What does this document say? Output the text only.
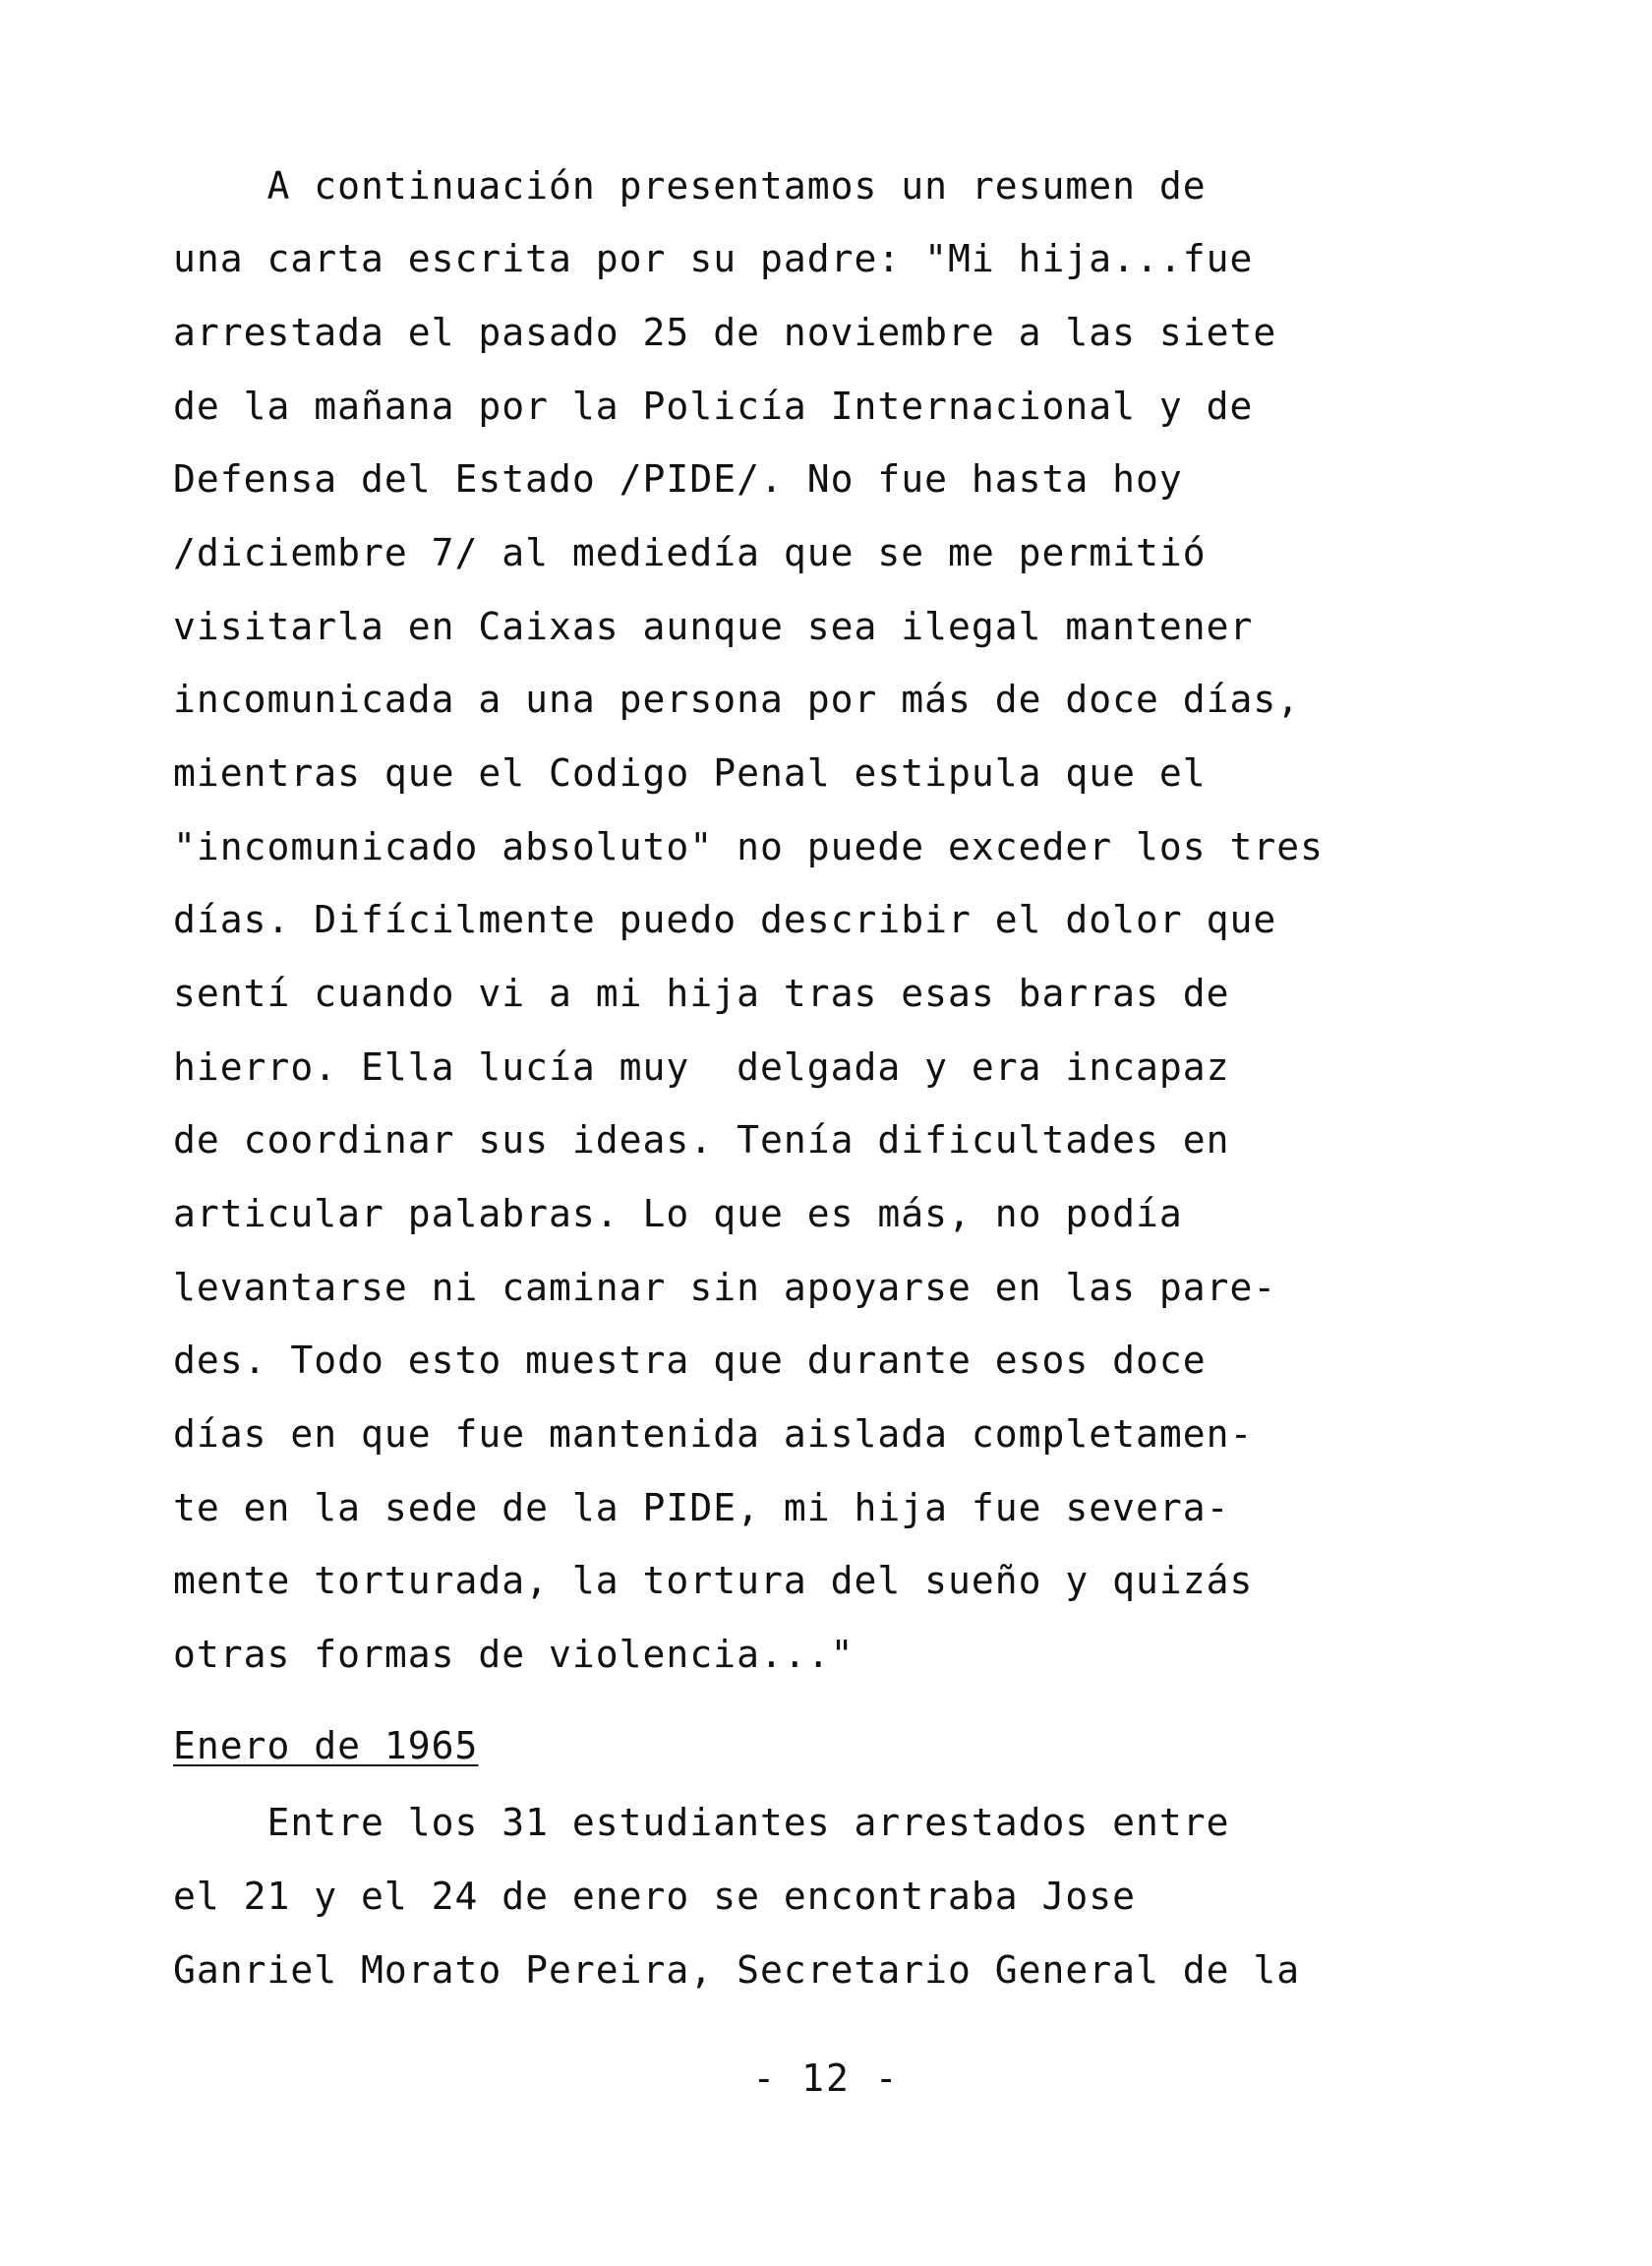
A continuación presentamos un resumen de
una carta escrita por su padre: "Mi hija...fue
arrestada el pasado 25 de noviembre a las siete
de la mañana por la Policía Internacional y de
Defensa del Estado /PIDE/. No fue hasta hoy
/diciembre 7/ al mediedía que se me permitió
visitarla en Caixas aunque sea ilegal mantener
incomunicada a una persona por más de doce días,
mientras que el Codigo Penal estipula que el
"incomunicado absoluto" no puede exceder los tres
días. Difícilmente puedo describir el dolor que
sentí cuando vi a mi hija tras esas barras de
hierro. Ella lucía muy  delgada y era incapaz
de coordinar sus ideas. Tenía dificultades en
articular palabras. Lo que es más, no podía
levantarse ni caminar sin apoyarse en las pare-
des. Todo esto muestra que durante esos doce
días en que fue mantenida aislada completamen-
te en la sede de la PIDE, mi hija fue severa-
mente torturada, la tortura del sueño y quizás
otras formas de violencia..."
Enero de 1965
Entre los 31 estudiantes arrestados entre
el 21 y el 24 de enero se encontraba Jose
Ganriel Morato Pereira, Secretario General de la
- 12 -
